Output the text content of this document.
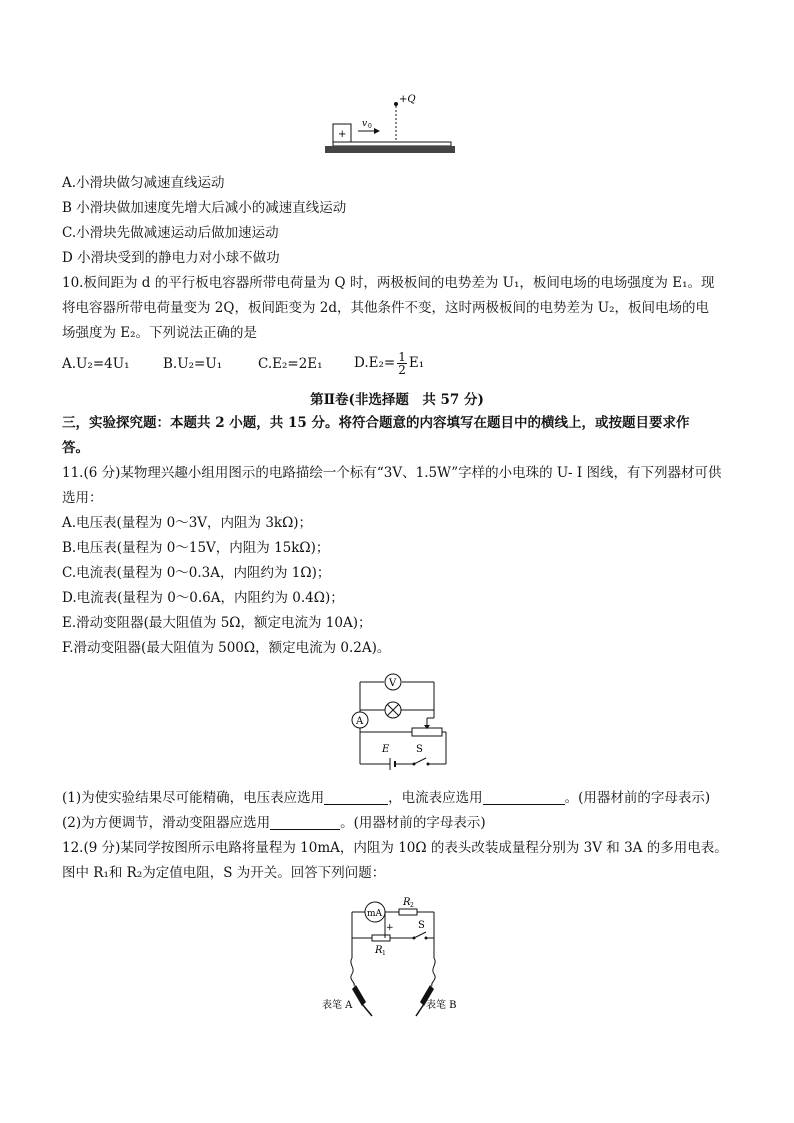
+Q
+
v 0
A.小滑块做匀减速直线运动
B 小滑块做加速度先增大后减小的减速直线运动
C.小滑块先做减速运动后做加速运动
D 小滑块受到的静电力对小球不做功
10.板间距为 d 的平行板电容器所带电荷量为 Q 时，两极板间的电势差为 U₁，板间电场的电场强度为 E₁。现
将电容器所带电荷量变为 2Q，板间距变为 2d，其他条件不变，这时两极板间的电势差为 U₂，板间电场的电
场强度为 E₂。下列说法正确的是
A.U₂=4U₁ B.U₂=U₁	C.E₂=2E₁ $D.E_2= \frac{1}{2} E_1$
第Ⅱ卷(非选择题　共 57 分)
三，实验探究题：本题共 2 小题，共 15 分。将符合题意的内容填写在题目中的横线上，或按题目要求作
答。
11.(6 分)某物理兴趣小组用图示的电路描绘一个标有“3V、1.5W”字样的小电珠的 U- I 图线，有下列器材可供
选用：
A.电压表(量程为 0～3V，内阻为 3kΩ)；
B.电压表(量程为 0～15V，内阻为 15kΩ)；
C.电流表(量程为 0～0.3A，内阻约为 1Ω)；
D.电流表(量程为 0～0.6A，内阻约为 0.4Ω)；
E.滑动变阻器(最大阻值为 5Ω，额定电流为 10A)；
F.滑动变阻器(最大阻值为 500Ω，额定电流为 0.2A)。
V
A
E	S
(1)为使实验结果尽可能精确，电压表应选用	，电流表应选用	。(用器材前的字母表示)
(2)为方便调节，滑动变阻器应选用	。(用器材前的字母表示)
12.(9 分)某同学按图所示电路将量程为 10mA，内阻为 10Ω 的表头改装成量程分别为 3V 和 3A 的多用电表。
图中 R₁和 R₂为定值电阻，S 为开关。回答下列问题：
mA
R 2
+
R 1
S
表笔 A	表笔 B
